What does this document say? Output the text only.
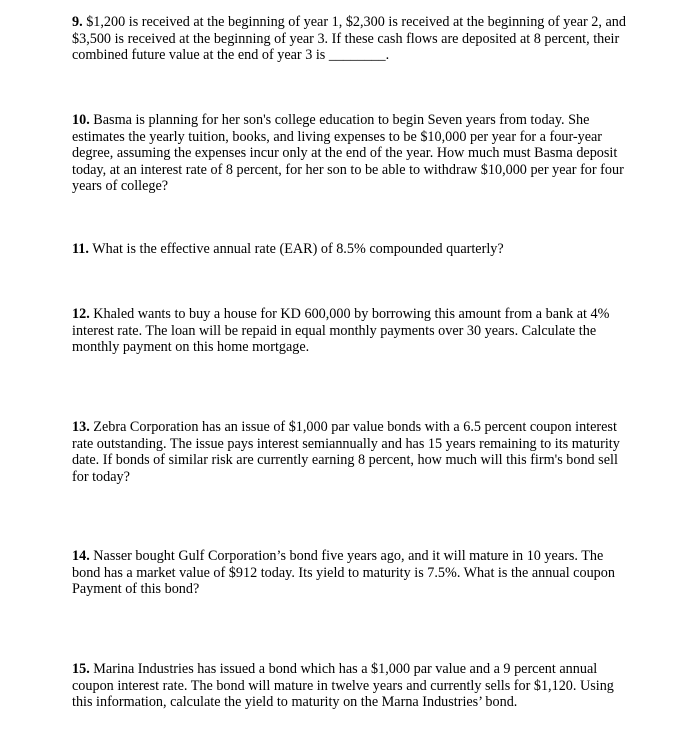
9. $1,200 is received at the beginning of year 1, $2,300 is received at the beginning of year 2, and $3,500 is received at the beginning of year 3. If these cash flows are deposited at 8 percent, their combined future value at the end of year 3 is ________.

10. Basma is planning for her son's college education to begin Seven years from today. She estimates the yearly tuition, books, and living expenses to be $10,000 per year for a four-year degree, assuming the expenses incur only at the end of the year. How much must Basma deposit today, at an interest rate of 8 percent, for her son to be able to withdraw $10,000 per year for four years of college?

11. What is the effective annual rate (EAR) of 8.5% compounded quarterly?

12. Khaled wants to buy a house for KD 600,000 by borrowing this amount from a bank at 4% interest rate. The loan will be repaid in equal monthly payments over 30 years. Calculate the monthly payment on this home mortgage.

13. Zebra Corporation has an issue of $1,000 par value bonds with a 6.5 percent coupon interest rate outstanding. The issue pays interest semiannually and has 15 years remaining to its maturity date. If bonds of similar risk are currently earning 8 percent, how much will this firm's bond sell for today?

14. Nasser bought Gulf Corporation’s bond five years ago, and it will mature in 10 years. The bond has a market value of $912 today. Its yield to maturity is 7.5%. What is the annual coupon Payment of this bond?

15. Marina Industries has issued a bond which has a $1,000 par value and a 9 percent annual coupon interest rate. The bond will mature in twelve years and currently sells for $1,120. Using this information, calculate the yield to maturity on the Marna Industries’ bond.
